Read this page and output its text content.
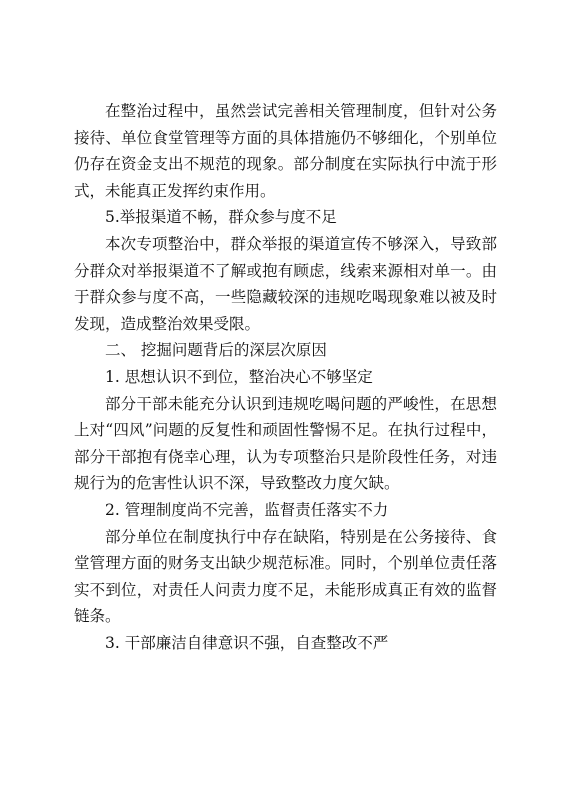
在整治过程中，虽然尝试完善相关管理制度，但针对公务接待、单位食堂管理等方面的具体措施仍不够细化，个别单位仍存在资金支出不规范的现象。部分制度在实际执行中流于形式，未能真正发挥约束作用。

5.举报渠道不畅，群众参与度不足

本次专项整治中，群众举报的渠道宣传不够深入，导致部分群众对举报渠道不了解或抱有顾虑，线索来源相对单一。由于群众参与度不高，一些隐藏较深的违规吃喝现象难以被及时发现，造成整治效果受限。

二、 挖掘问题背后的深层次原因

1. 思想认识不到位，整治决心不够坚定

部分干部未能充分认识到违规吃喝问题的严峻性，在思想上对“四风”问题的反复性和顽固性警惕不足。在执行过程中，部分干部抱有侥幸心理，认为专项整治只是阶段性任务，对违规行为的危害性认识不深，导致整改力度欠缺。

2. 管理制度尚不完善，监督责任落实不力

部分单位在制度执行中存在缺陷，特别是在公务接待、食堂管理方面的财务支出缺少规范标准。同时，个别单位责任落实不到位，对责任人问责力度不足，未能形成真正有效的监督链条。

3. 干部廉洁自律意识不强，自查整改不严
